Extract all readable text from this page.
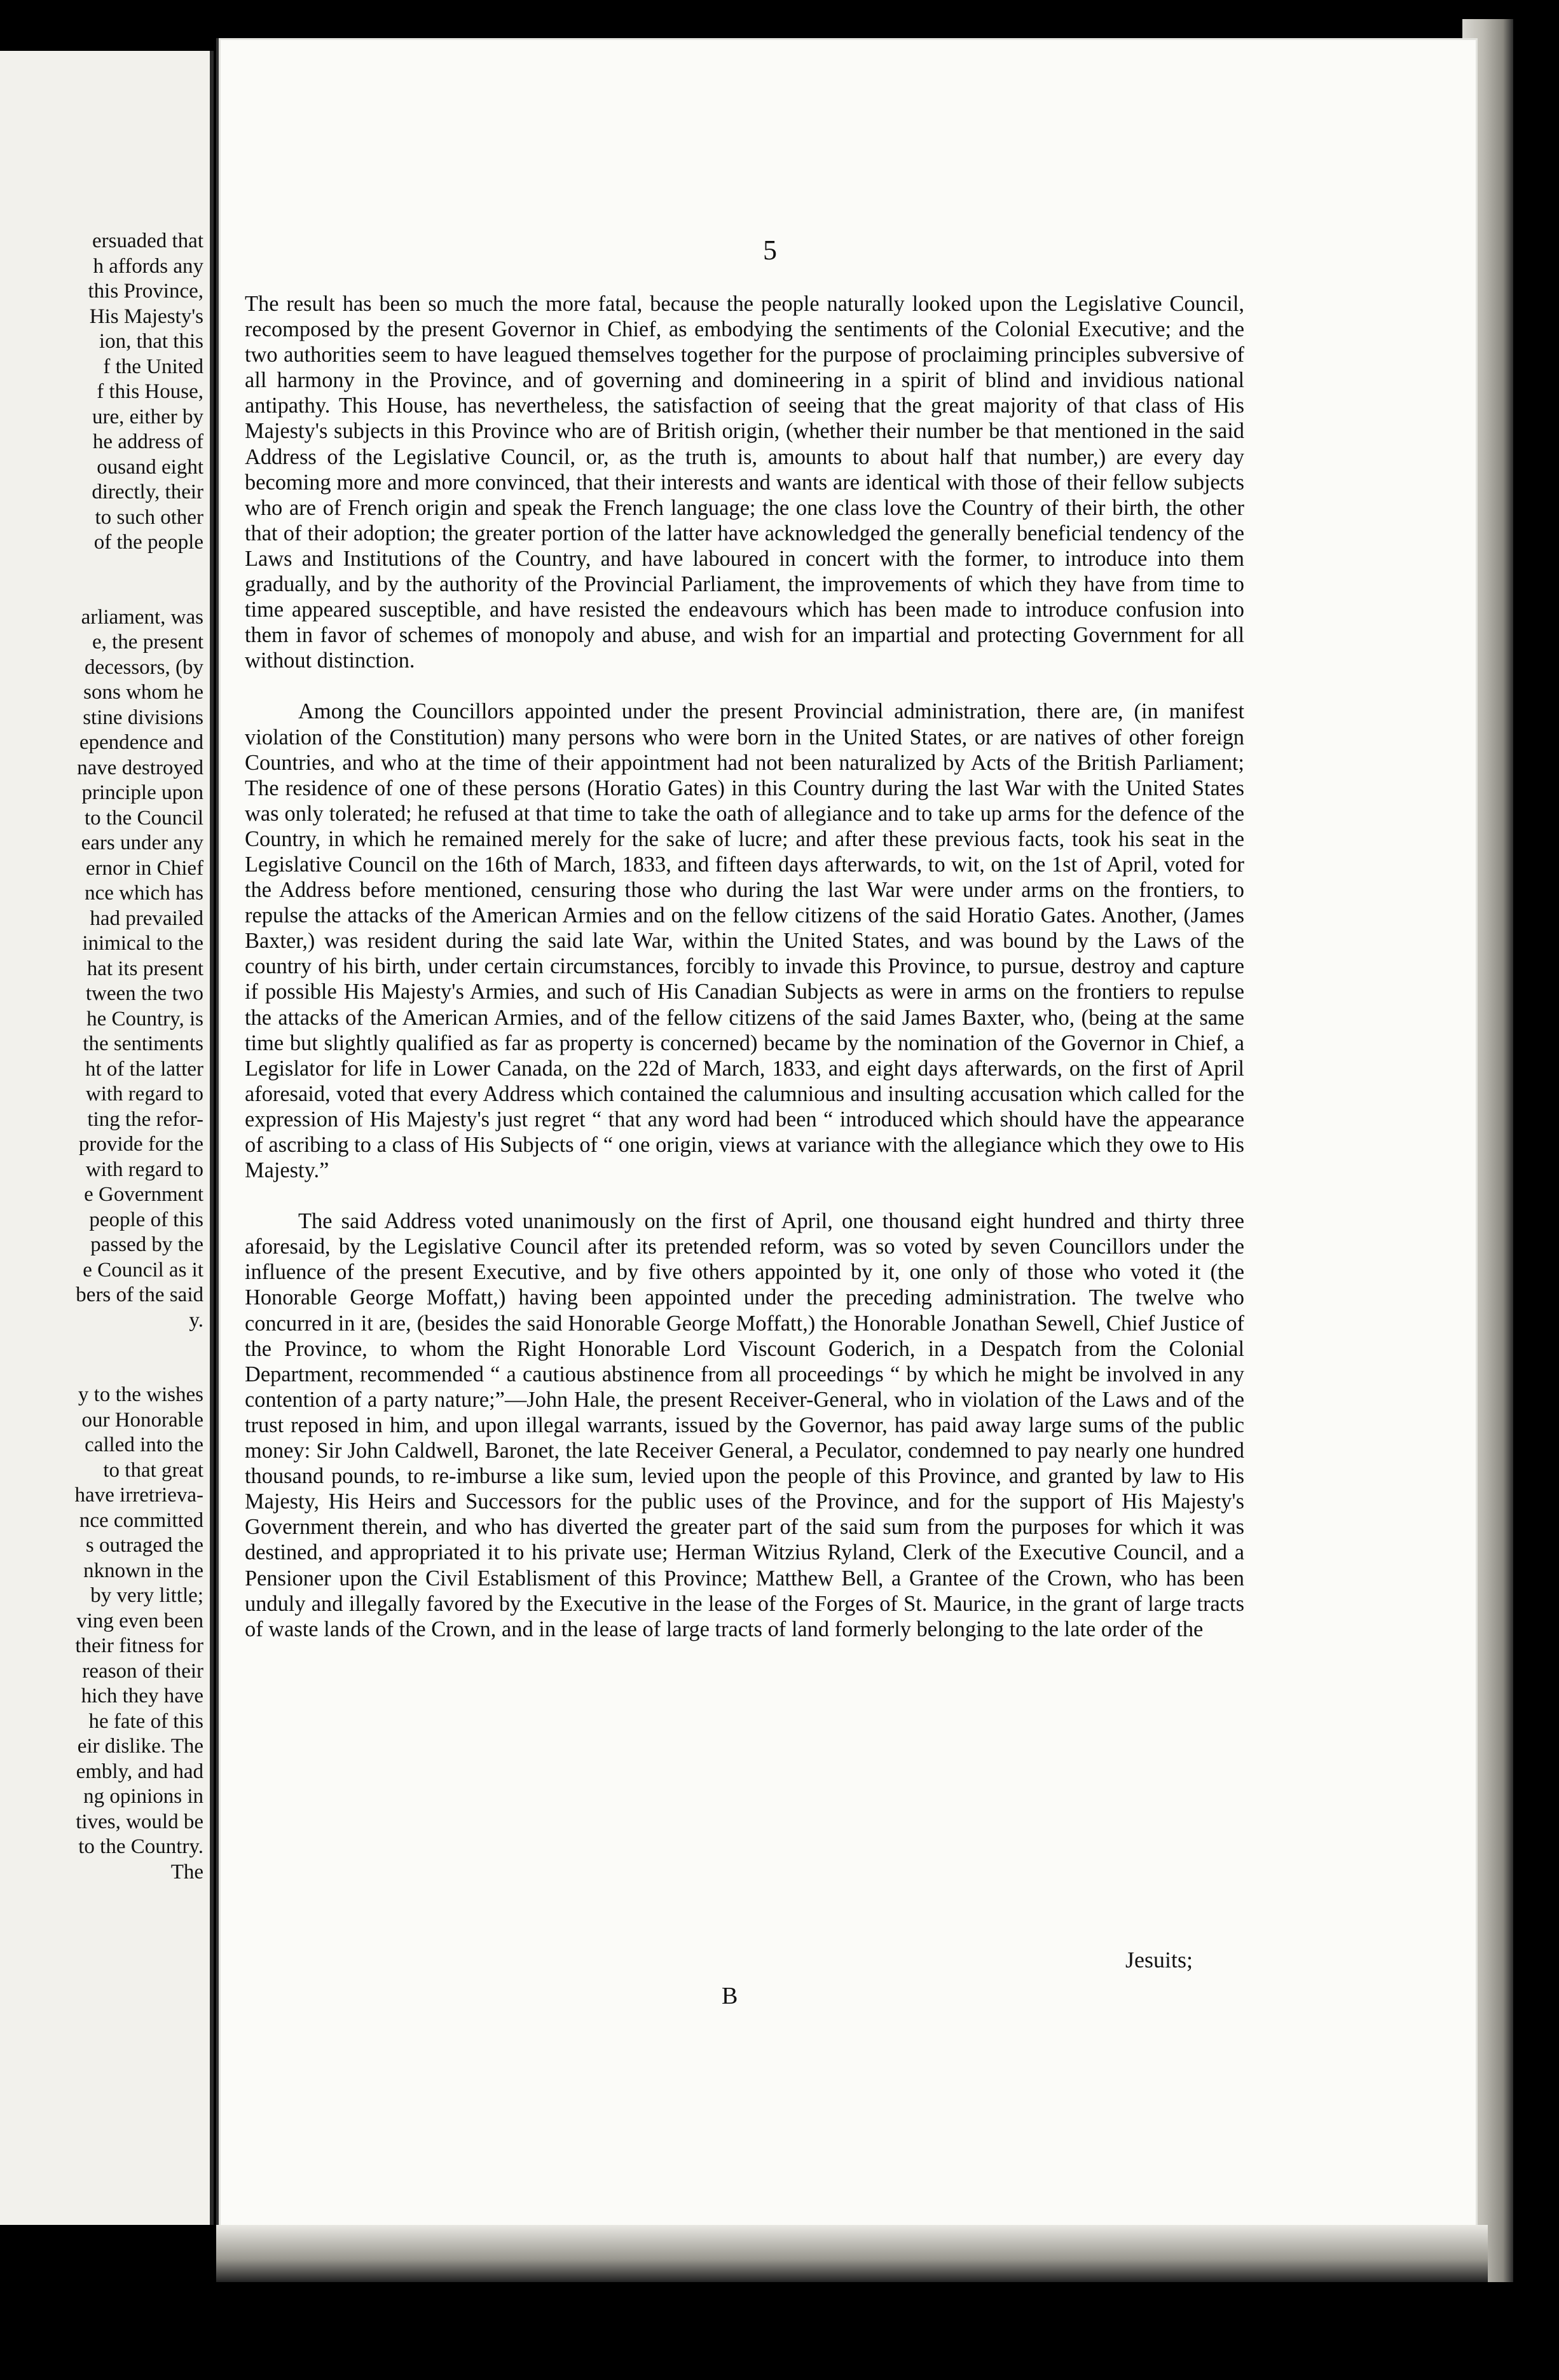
ersuaded that
h affords any
this Province,
His Majesty's
ion, that this
f the United
f this House,
ure, either by
he address of
ousand eight
directly, their
to such other
of the people

arliament, was
e, the present
decessors, (by
sons whom he
stine divisions
ependence and
nave destroyed
principle upon
to the Council
ears under any
ernor in Chief
nce which has
had prevailed
inimical to the
hat its present
tween the two
he Country, is
the sentiments
ht of the latter
with regard to
ting the refor-
provide for the
with regard to
e Government
people of this
passed by the
e Council as it
bers of the said
y.

y to the wishes
our Honorable
called into the
to that great
have irretrieva-
nce committed
s outraged the
nknown in the
by very little;
ving even been
their fitness for
reason of their
hich they have
he fate of this
eir dislike. The
embly, and had
ng opinions in
tives, would be
to the Country.
The
5

The result has been so much the more fatal, because the people naturally looked upon the Legislative Council, recomposed by the present Governor in Chief, as embodying the sentiments of the Colonial Executive; and the two authorities seem to have leagued themselves together for the purpose of proclaiming principles subversive of all harmony in the Province, and of governing and domineering in a spirit of blind and invidious national antipathy. This House, has nevertheless, the satisfaction of seeing that the great majority of that class of His Majesty's subjects in this Province who are of British origin, (whether their number be that mentioned in the said Address of the Legislative Council, or, as the truth is, amounts to about half that number,) are every day becoming more and more convinced, that their interests and wants are identical with those of their fellow subjects who are of French origin and speak the French language; the one class love the Country of their birth, the other that of their adoption; the greater portion of the latter have acknowledged the generally beneficial tendency of the Laws and Institutions of the Country, and have laboured in concert with the former, to introduce into them gradually, and by the authority of the Provincial Parliament, the improvements of which they have from time to time appeared susceptible, and have resisted the endeavours which has been made to introduce confusion into them in favor of schemes of monopoly and abuse, and wish for an impartial and protecting Government for all without distinction.

Among the Councillors appointed under the present Provincial administration, there are, (in manifest violation of the Constitution) many persons who were born in the United States, or are natives of other foreign Countries, and who at the time of their appointment had not been naturalized by Acts of the British Parliament; The residence of one of these persons (Horatio Gates) in this Country during the last War with the United States was only tolerated; he refused at that time to take the oath of allegiance and to take up arms for the defence of the Country, in which he remained merely for the sake of lucre; and after these previous facts, took his seat in the Legislative Council on the 16th of March, 1833, and fifteen days afterwards, to wit, on the 1st of April, voted for the Address before mentioned, censuring those who during the last War were under arms on the frontiers, to repulse the attacks of the American Armies and on the fellow citizens of the said Horatio Gates. Another, (James Baxter,) was resident during the said late War, within the United States, and was bound by the Laws of the country of his birth, under certain circumstances, forcibly to invade this Province, to pursue, destroy and capture if possible His Majesty's Armies, and such of His Canadian Subjects as were in arms on the frontiers to repulse the attacks of the American Armies, and of the fellow citizens of the said James Baxter, who, (being at the same time but slightly qualified as far as property is concerned) became by the nomination of the Governor in Chief, a Legislator for life in Lower Canada, on the 22d of March, 1833, and eight days afterwards, on the first of April aforesaid, voted that every Address which contained the calumnious and insulting accusation which called for the expression of His Majesty's just regret “ that any word had been “ introduced which should have the appearance of ascribing to a class of His Subjects of “ one origin, views at variance with the allegiance which they owe to His Majesty.”

The said Address voted unanimously on the first of April, one thousand eight hundred and thirty three aforesaid, by the Legislative Council after its pretended reform, was so voted by seven Councillors under the influence of the present Executive, and by five others appointed by it, one only of those who voted it (the Honorable George Moffatt,) having been appointed under the preceding administration. The twelve who concurred in it are, (besides the said Honorable George Moffatt,) the Honorable Jonathan Sewell, Chief Justice of the Province, to whom the Right Honorable Lord Viscount Goderich, in a Despatch from the Colonial Department, recommended “ a cautious abstinence from all proceedings “ by which he might be involved in any contention of a party nature;”—John Hale, the present Receiver-General, who in violation of the Laws and of the trust reposed in him, and upon illegal warrants, issued by the Governor, has paid away large sums of the public money: Sir John Caldwell, Baronet, the late Receiver General, a Peculator, condemned to pay nearly one hundred thousand pounds, to re-imburse a like sum, levied upon the people of this Province, and granted by law to His Majesty, His Heirs and Successors for the public uses of the Province, and for the support of His Majesty's Government therein, and who has diverted the greater part of the said sum from the purposes for which it was destined, and appropriated it to his private use; Herman Witzius Ryland, Clerk of the Executive Council, and a Pensioner upon the Civil Establisment of this Province; Matthew Bell, a Grantee of the Crown, who has been unduly and illegally favored by the Executive in the lease of the Forges of St. Maurice, in the grant of large tracts of waste lands of the Crown, and in the lease of large tracts of land formerly belonging to the late order of the

Jesuits;
B
